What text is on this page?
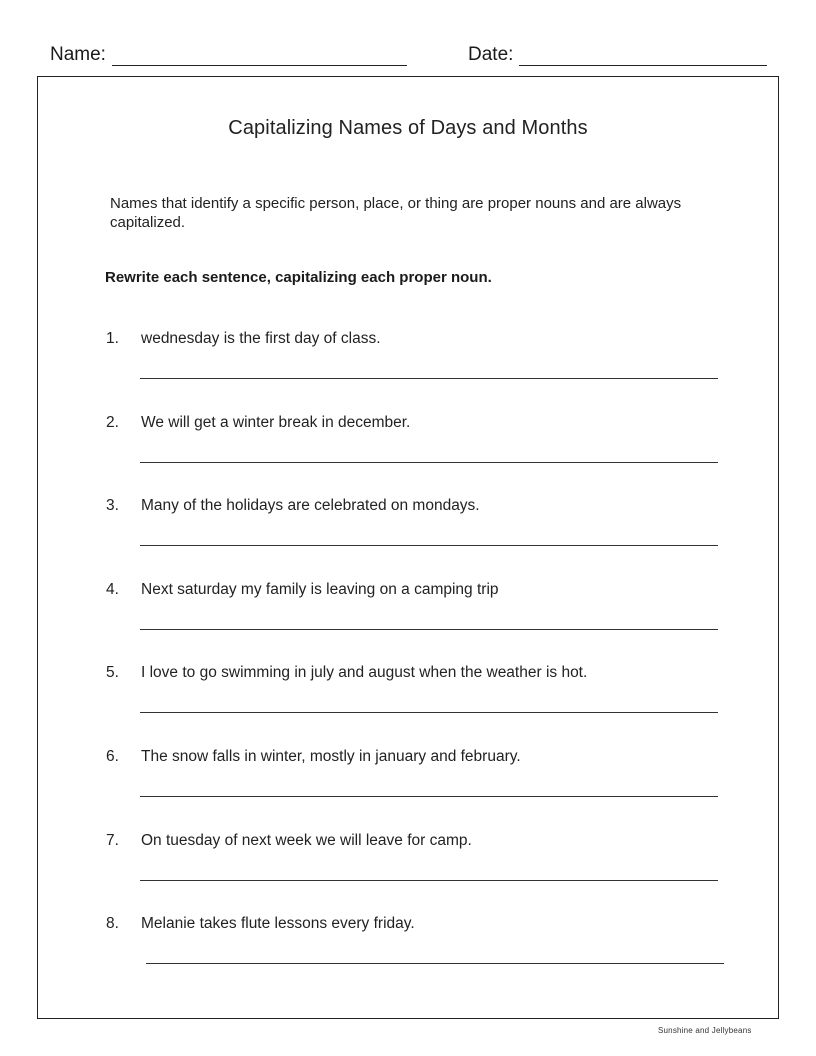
Name:	Date:
Capitalizing Names of Days and Months
Names that identify a specific person, place, or thing are proper nouns and are always capitalized.
Rewrite each sentence, capitalizing each proper noun.
1. wednesday is the first day of class.
2. We will get a winter break in december.
3. Many of the holidays are celebrated on mondays.
4. Next saturday my family is leaving on a camping trip
5. I love to go swimming in july and august when the weather is hot.
6. The snow falls in winter, mostly in january and february.
7. On tuesday of next week we will leave for camp.
8. Melanie takes flute lessons every friday.
Sunshine and Jellybeans
